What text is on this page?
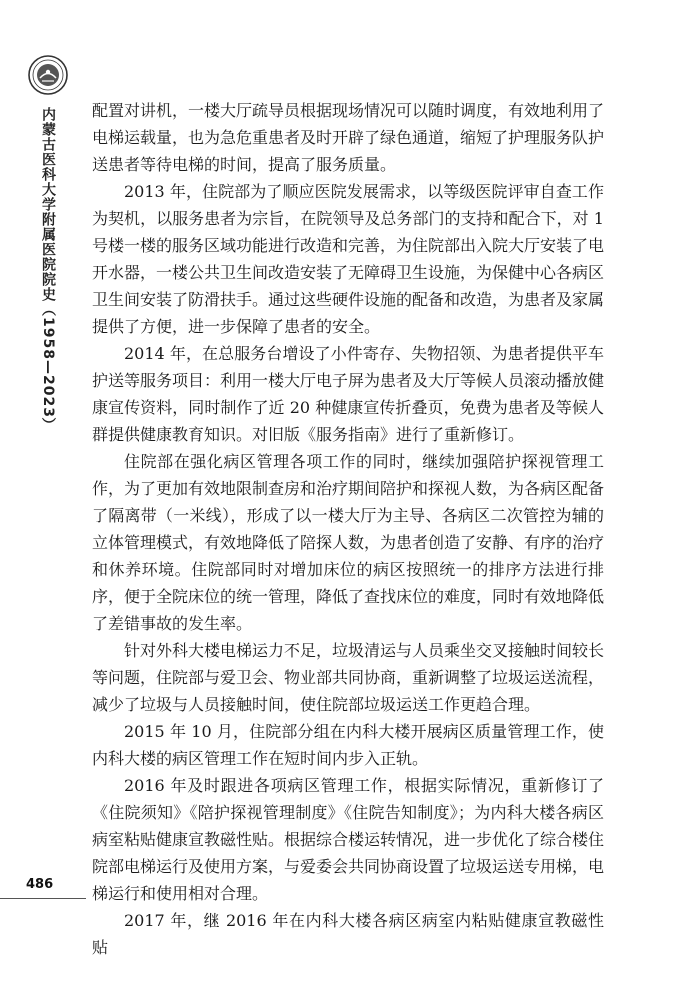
内蒙古医科大学附属医院院史（1958—2023） 配置对讲机，一楼大厅疏导员根据现场情况可以随时调度，有效地利用了电梯运载量，也为急危重患者及时开辟了绿色通道，缩短了护理服务队护送患者等待电梯的时间，提高了服务质量。

2013 年，住院部为了顺应医院发展需求，以等级医院评审自查工作为契机，以服务患者为宗旨，在院领导及总务部门的支持和配合下，对 1 号楼一楼的服务区域功能进行改造和完善，为住院部出入院大厅安装了电开水器，一楼公共卫生间改造安装了无障碍卫生设施，为保健中心各病区卫生间安装了防滑扶手。通过这些硬件设施的配备和改造，为患者及家属提供了方便，进一步保障了患者的安全。

2014 年，在总服务台增设了小件寄存、失物招领、为患者提供平车护送等服务项目：利用一楼大厅电子屏为患者及大厅等候人员滚动播放健康宣传资料，同时制作了近 20 种健康宣传折叠页，免费为患者及等候人群提供健康教育知识。对旧版《服务指南》进行了重新修订。

住院部在强化病区管理各项工作的同时，继续加强陪护探视管理工作，为了更加有效地限制查房和治疗期间陪护和探视人数，为各病区配备了隔离带（一米线），形成了以一楼大厅为主导、各病区二次管控为辅的立体管理模式，有效地降低了陪探人数，为患者创造了安静、有序的治疗和休养环境。住院部同时对增加床位的病区按照统一的排序方法进行排序，便于全院床位的统一管理，降低了查找床位的难度，同时有效地降低了差错事故的发生率。

针对外科大楼电梯运力不足，垃圾清运与人员乘坐交叉接触时间较长等问题，住院部与爱卫会、物业部共同协商，重新调整了垃圾运送流程，减少了垃圾与人员接触时间，使住院部垃圾运送工作更趋合理。

2015 年 10 月，住院部分组在内科大楼开展病区质量管理工作，使内科大楼的病区管理工作在短时间内步入正轨。

2016 年及时跟进各项病区管理工作，根据实际情况，重新修订了《住院须知》《陪护探视管理制度》《住院告知制度》；为内科大楼各病区病室粘贴健康宣教磁性贴。根据综合楼运转情况，进一步优化了综合楼住院部电梯运行及使用方案，与爱委会共同协商设置了垃圾运送专用梯，电梯运行和使用相对合理。

2017 年，继 2016 年在内科大楼各病区病室内粘贴健康宣教磁性贴

486
